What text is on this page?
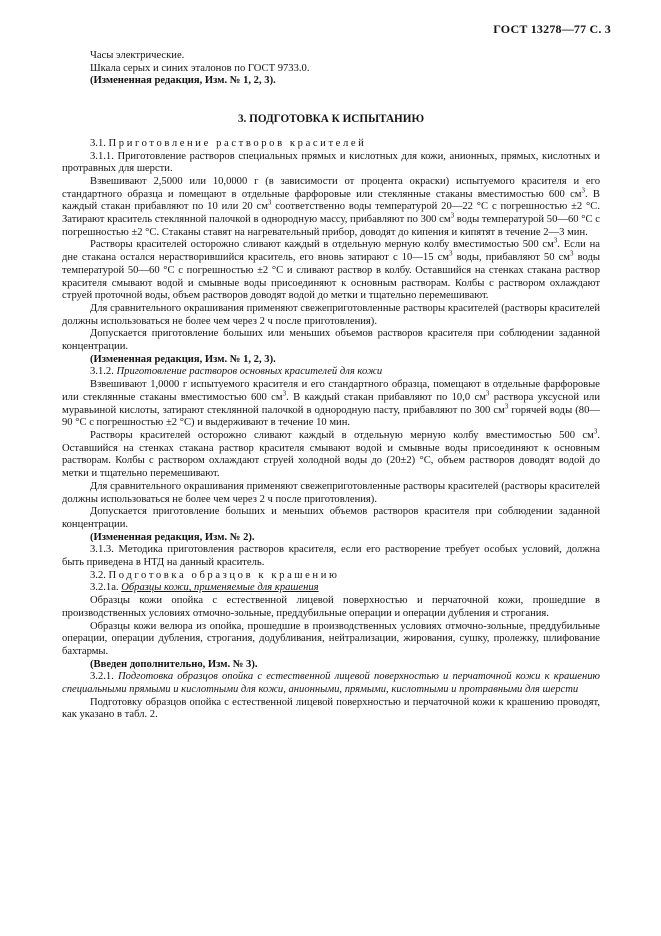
ГОСТ 13278—77 С. 3

Часы электрические.

Шкала серых и синих эталонов по ГОСТ 9733.0.

(Измененная редакция, Изм. № 1, 2, 3).

3. ПОДГОТОВКА К ИСПЫТАНИЮ

3.1. Приготовление растворов красителей

3.1.1. Приготовление растворов специальных прямых и кислотных для кожи, анионных, прямых, кислотных и протравных для шерсти.

Взвешивают 2,5000 или 10,0000 г (в зависимости от процента окраски) испытуемого красителя и его стандартного образца и помещают в отдельные фарфоровые или стеклянные стаканы вместимостью 600 $см^3$. В каждый стакан прибавляют по 10 или 20 $см^3$ соответственно воды температурой 20—22 °С с погрешностью ±2 °С. Затирают краситель стеклянной палочкой в однородную массу, прибавляют по 300 $см^3$ воды температурой 50—60 °С с погрешностью ±2 °С. Стаканы ставят на нагревательный прибор, доводят до кипения и кипятят в течение 2—3 мин.

Растворы красителей осторожно сливают каждый в отдельную мерную колбу вместимостью 500 $см^3$. Если на дне стакана остался нерастворившийся краситель, его вновь затирают с 10—15 $см^3$ воды, прибавляют 50 $см^3$ воды температурой 50—60 °С с погрешностью ±2 °С и сливают раствор в колбу. Оставшийся на стенках стакана раствор красителя смывают водой и смывные воды присоединяют к основным растворам. Колбы с раствором охлаждают струей проточной воды, объем растворов доводят водой до метки и тщательно перемешивают.

Для сравнительного окрашивания применяют свежеприготовленные растворы красителей (растворы красителей должны использоваться не более чем через 2 ч после приготовления).

Допускается приготовление больших или меньших объемов растворов красителя при соблюдении заданной концентрации.

(Измененная редакция, Изм. № 1, 2, 3).

3.1.2. Приготовление растворов основных красителей для кожи

Взвешивают 1,0000 г испытуемого красителя и его стандартного образца, помещают в отдельные фарфоровые или стеклянные стаканы вместимостью 600 $см^3$. В каждый стакан прибавляют по 10,0 $см^3$ раствора уксусной или муравьиной кислоты, затирают стеклянной палочкой в однородную пасту, прибавляют по 300 $см^3$ горячей воды (80—90 °С с погрешностью ±2 °С) и выдерживают в течение 10 мин.

Растворы красителей осторожно сливают каждый в отдельную мерную колбу вместимостью 500 $см^3$. Оставшийся на стенках стакана раствор красителя смывают водой и смывные воды присоединяют к основным растворам. Колбы с раствором охлаждают струей холодной воды до (20±2) °С, объем растворов доводят водой до метки и тщательно перемешивают.

Для сравнительного окрашивания применяют свежеприготовленные растворы красителей (растворы красителей должны использоваться не более чем через 2 ч после приготовления).

Допускается приготовление больших и меньших объемов растворов красителя при соблюдении заданной концентрации.

(Измененная редакция, Изм. № 2).

3.1.3. Методика приготовления растворов красителя, если его растворение требует особых условий, должна быть приведена в НТД на данный краситель.

3.2. Подготовка образцов к крашению

3.2.1а. Образцы кожи, применяемые для крашения

Образцы кожи опойка с естественной лицевой поверхностью и перчаточной кожи, прошедшие в производственных условиях отмочно-зольные, преддубильные операции и операции дубления и строгания.

Образцы кожи велюра из опойка, прошедшие в производственных условиях отмочно-зольные, преддубильные операции, операции дубления, строгания, додубливания, нейтрализации, жирования, сушку, пролежку, шлифование бахтармы.

(Введен дополнительно, Изм. № 3).

3.2.1. Подготовка образцов опойка с естественной лицевой поверхностью и перчаточной кожи к крашению специальными прямыми и кислотными для кожи, анионными, прямыми, кислотными и протравными для шерсти

Подготовку образцов опойка с естественной лицевой поверхностью и перчаточной кожи к крашению проводят, как указано в табл. 2.
